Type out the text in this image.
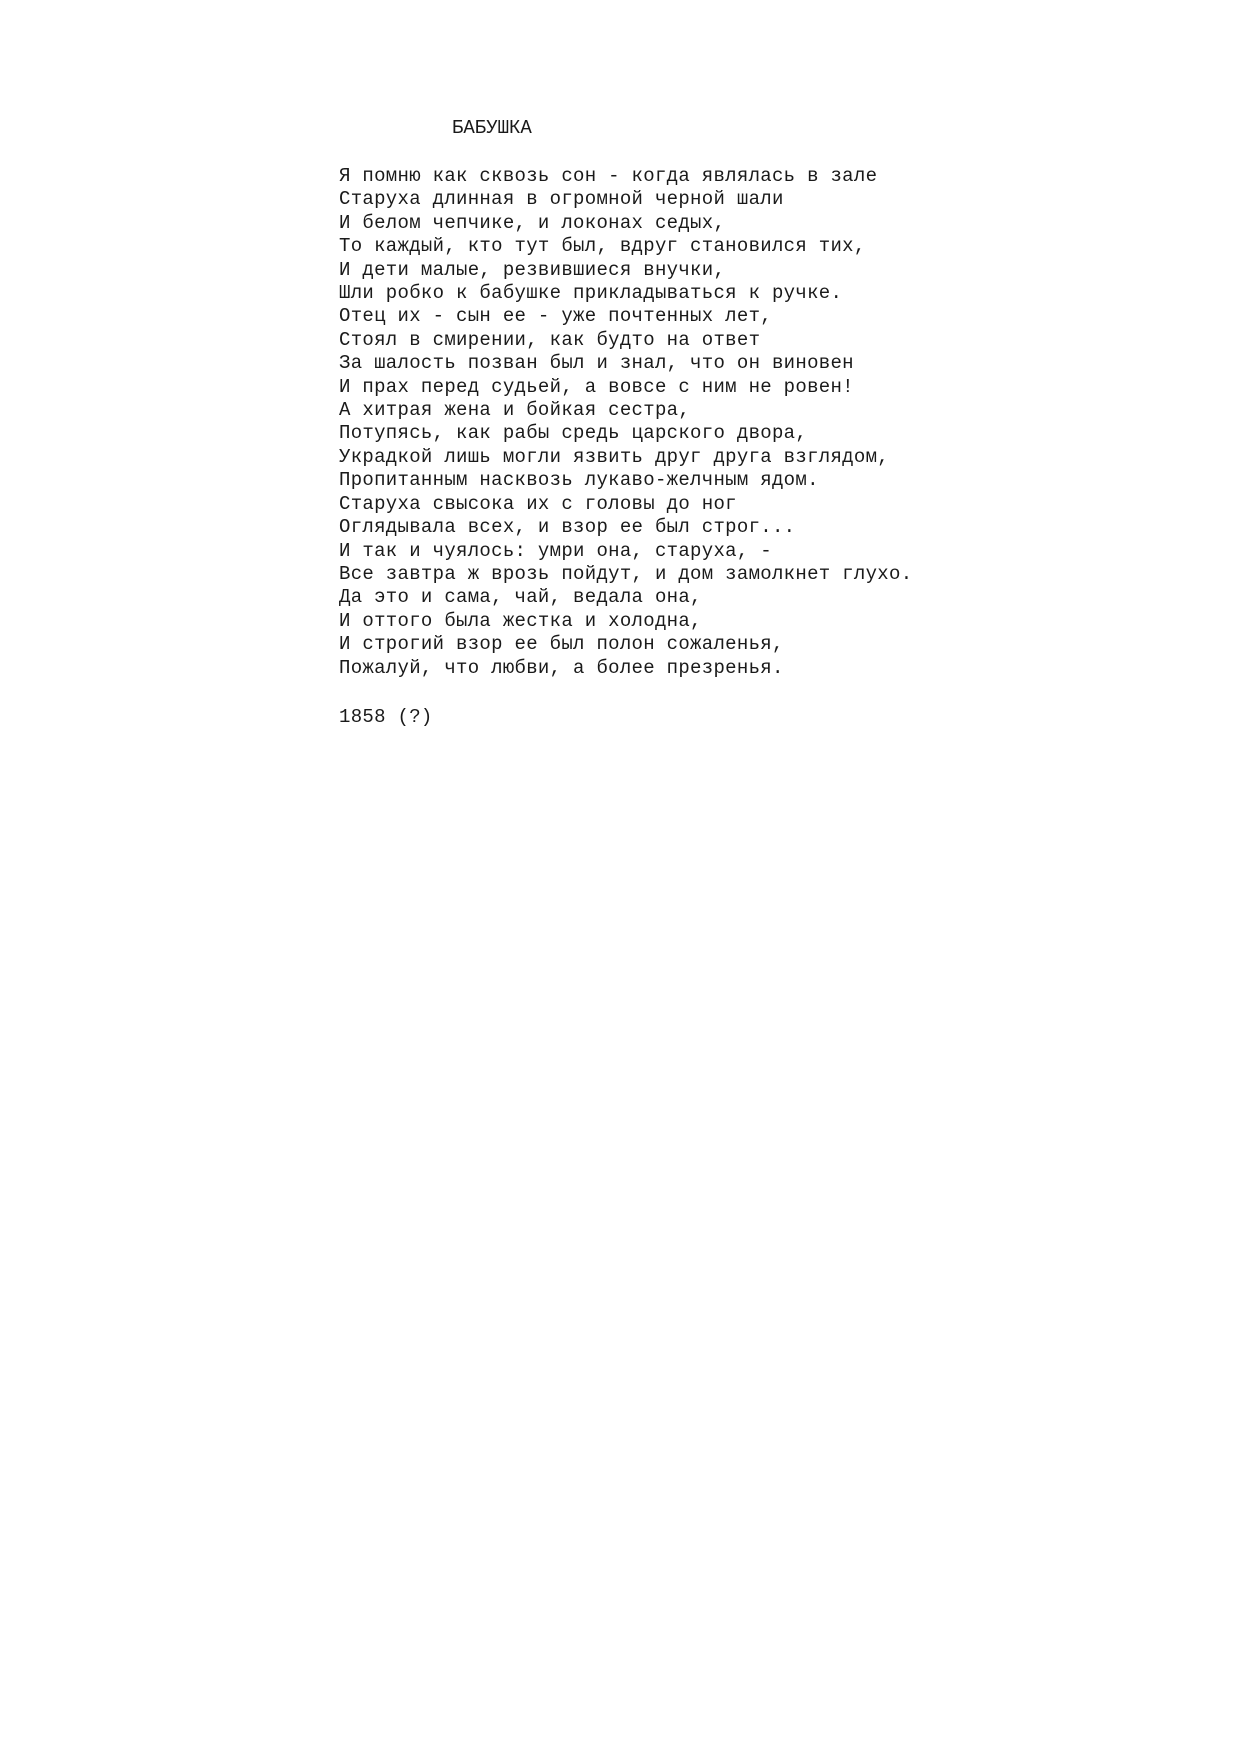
БАБУШКА
Я помню как сквозь сон - когда являлась в зале
Старуха длинная в огромной черной шали
И белом чепчике, и локонах седых,
То каждый, кто тут был, вдруг становился тих,
И дети малые, резвившиеся внучки,
Шли робко к бабушке прикладываться к ручке.
Отец их - сын ее - уже почтенных лет,
Стоял в смирении, как будто на ответ
За шалость позван был и знал, что он виновен
И прах перед судьей, а вовсе с ним не ровен!
А хитрая жена и бойкая сестра,
Потупясь, как рабы средь царского двора,
Украдкой лишь могли язвить друг друга взглядом,
Пропитанным насквозь лукаво-желчным ядом.
Старуха свысока их с головы до ног
Оглядывала всех, и взор ее был строг...
И так и чуялось: умри она, старуха, -
Все завтра ж врозь пойдут, и дом замолкнет глухо.
Да это и сама, чай, ведала она,
И оттого была жестка и холодна,
И строгий взор ее был полон сожаленья,
Пожалуй, что любви, а более презренья.

1858 (?)
